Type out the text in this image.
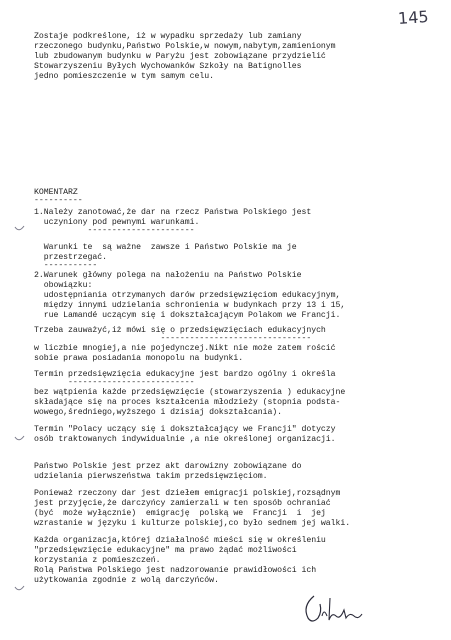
145
Zostaje podkreślone, iż w wypadku sprzedaży lub zamiany
rzeczonego budynku,Państwo Polskie,w nowym,nabytym,zamienionym
lub zbudowanym budynku w Paryżu jest zobowiązane przydzielić
Stowarzyszeniu Byłych Wychowanków Szkoły na Batignolles
jedno pomieszczenie w tym samym celu.
KOMENTARZ
----------
1.Należy zanotować,że dar na rzecz Państwa Polskiego jest
uczyniony pod pewnymi warunkami.
----------------------
Warunki te  są ważne  zawsze i Państwo Polskie ma je
przestrzegać.
-----------
2.Warunek główny polega na nałożeniu na Państwo Polskie
obowiązku:
udostępniania otrzymanych darów przedsięwzięciom edukacyjnym,
między innymi udzielania schronienia w budynkach przy 13 i 15,
rue Lamandé uczącym się i dokształcającym Polakom we Francji.
Trzeba zauważyć,iż mówi się o przedsięwzięciach edukacyjnych
-------------------------------
w liczbie mnogiej,a nie pojedynczej.Nikt nie może zatem rościć
sobie prawa posiadania monopolu na budynki.
Termin przedsięwzięcia edukacyjne jest bardzo ogólny i określa
--------------------------
bez wątpienia każde przedsięwzięcie (stowarzyszenia ) edukacyjne
składające się na proces kształcenia młodzieży (stopnia podsta-
wowego,średniego,wyższego i dzisiaj dokształcania).
Termin "Polacy uczący się i dokształcający we Francji" dotyczy
osób traktowanych indywidualnie ,a nie określonej organizacji.
Państwo Polskie jest przez akt darowizny zobowiązane do
udzielania pierwszeństwa takim przedsięwzięciom.
Ponieważ rzeczony dar jest dziełem emigracji polskiej,rozsądnym
jest przyjęcie,że darczyńcy zamierzali w ten sposób ochraniać
(być  może wyłącznie)  emigrację  polską we  Francji  i  jej
wzrastanie w języku i kulturze polskiej,co było sednem jej walki.
Każda organizacja,której działalność mieści się w określeniu
"przedsięwzięcie edukacyjne" ma prawo żądać możliwości
korzystania z pomieszczeń.
Rolą Państwa Polskiego jest nadzorowanie prawidłowości ich
użytkowania zgodnie z wolą darczyńców.
